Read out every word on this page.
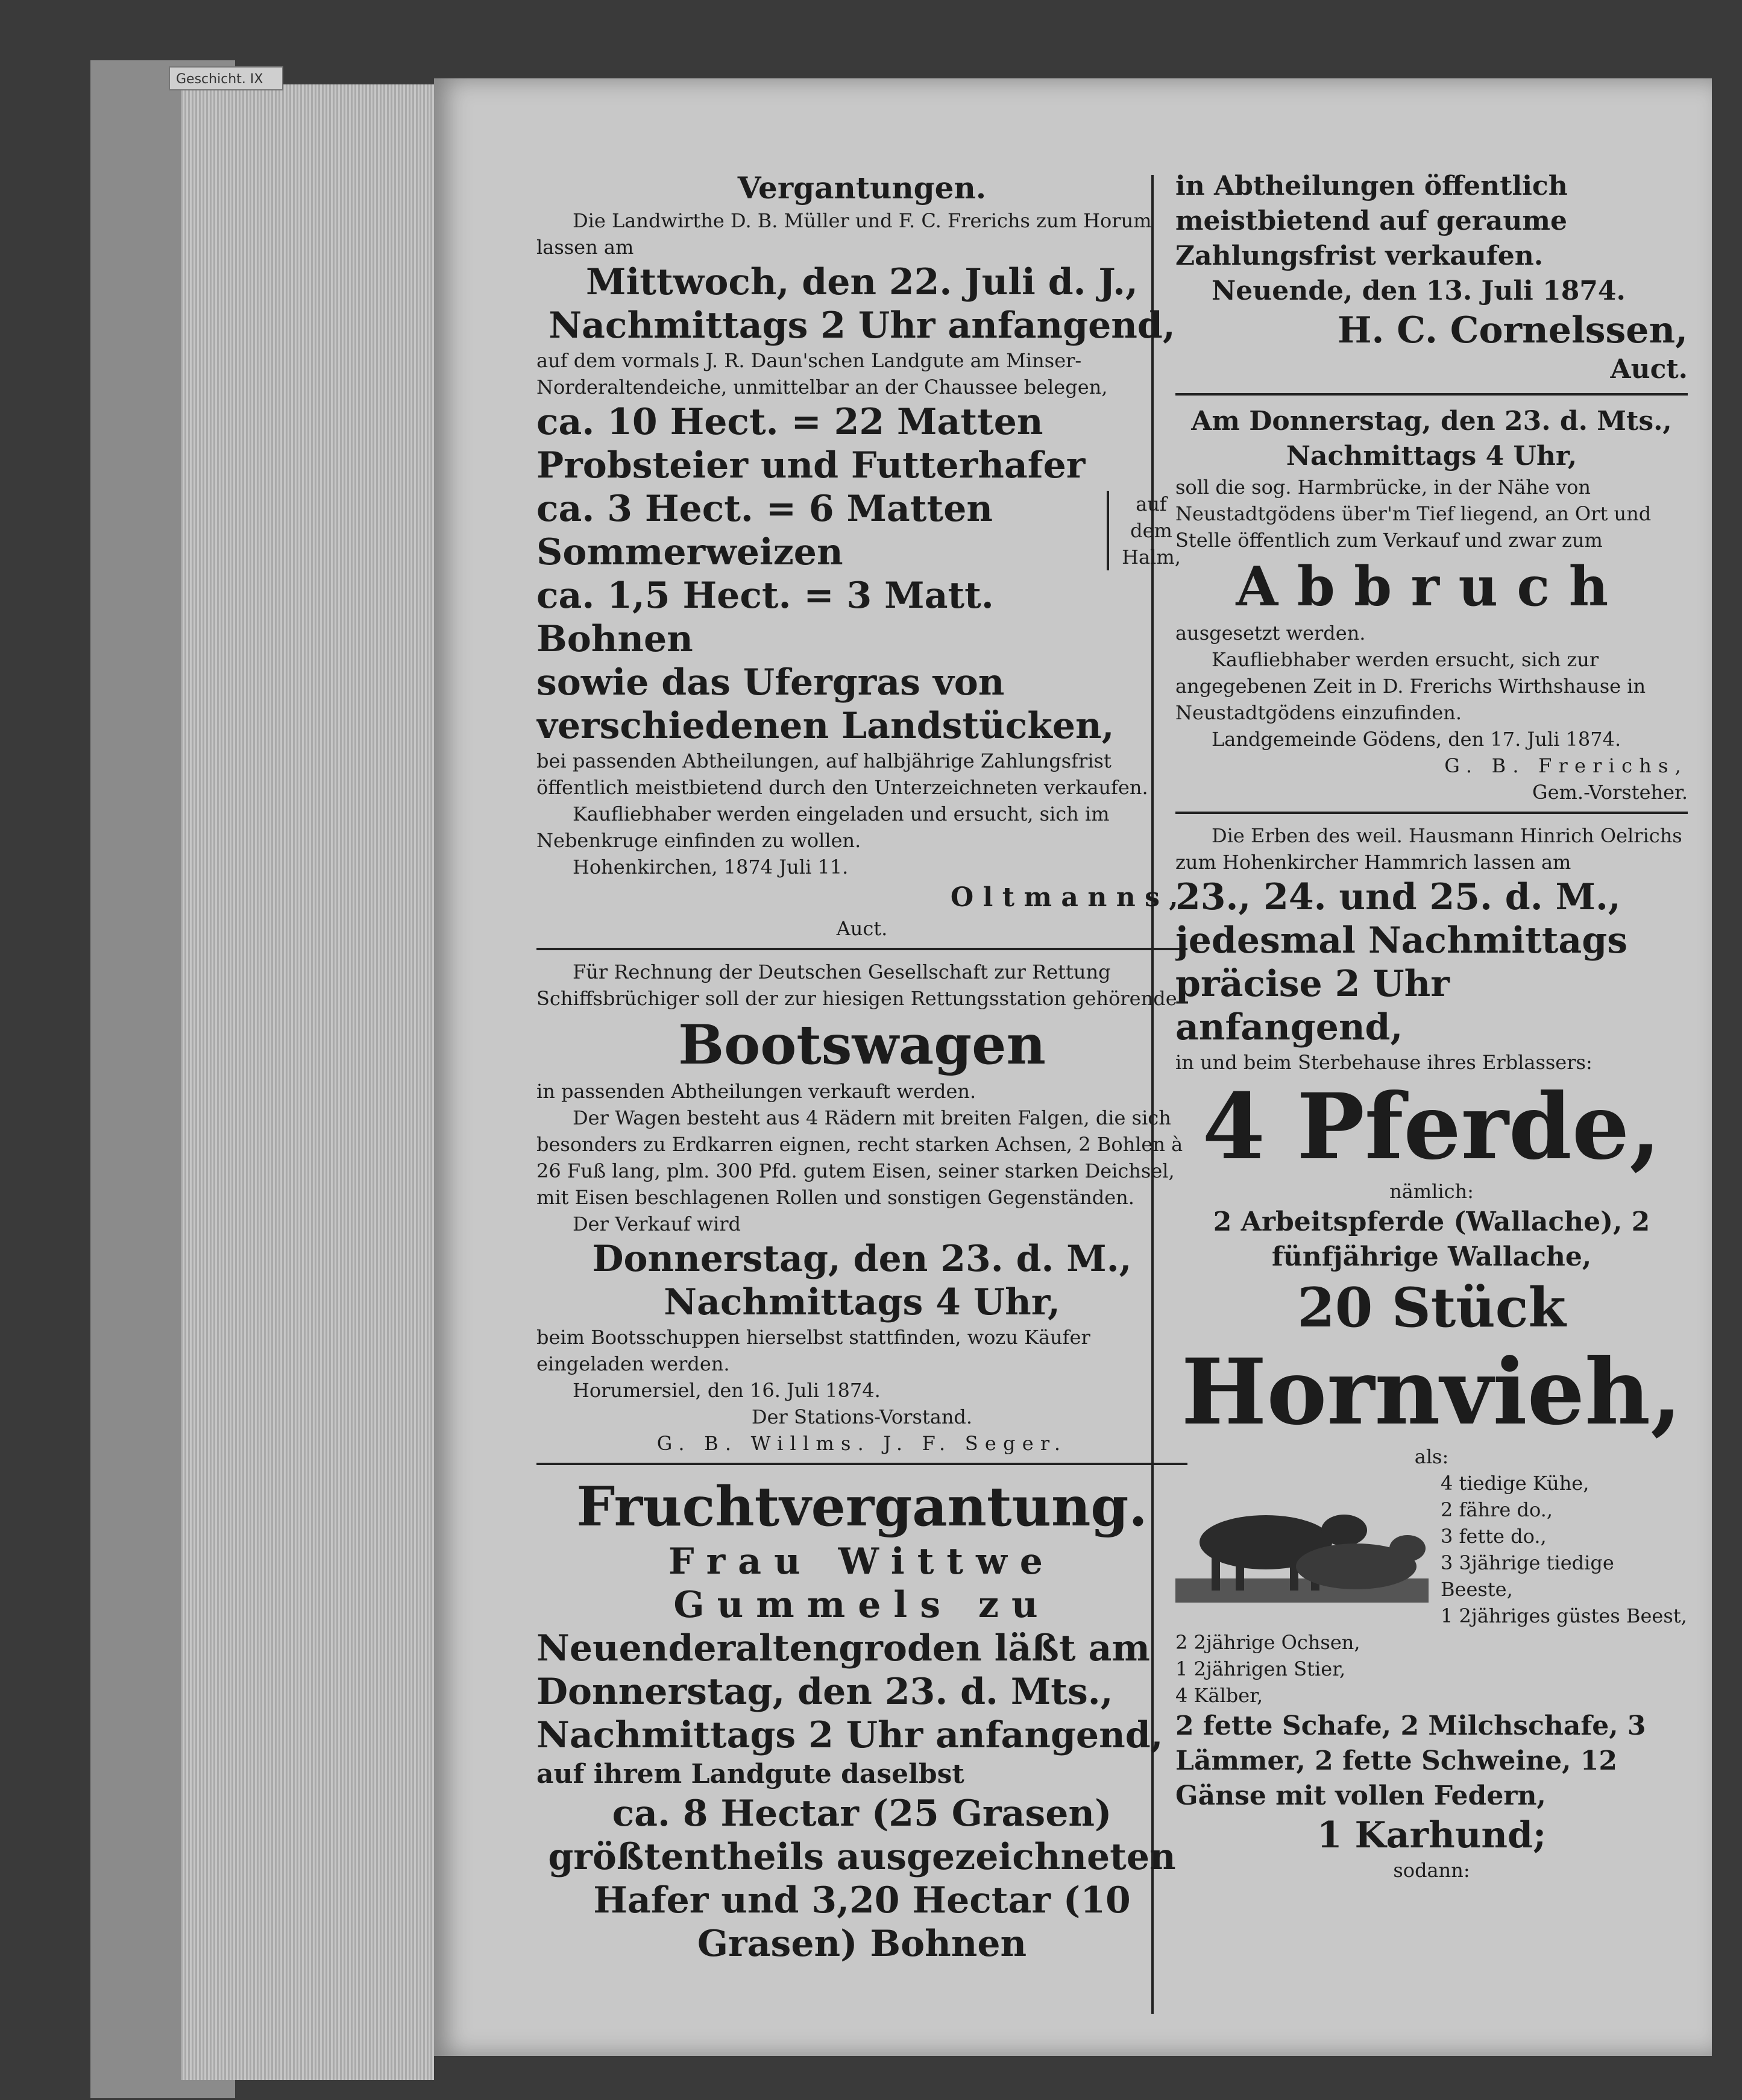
Geschicht. IX

Vergantungen.

Die Landwirthe D. B. Müller und F. C. Frerichs zum Horum lassen am

Mittwoch, den 22. Juli d. J.,

Nachmittags 2 Uhr anfangend,

auf dem vormals J. R. Daun'schen Landgute am Minser-Norderaltendeiche, unmittelbar an der Chaussee belegen,

ca. 10 Hect. = 22 Matten Probsteier und Futterhafer

ca. 3 Hect. = 6 Matten Sommerweizen

ca. 1,5 Hect. = 3 Matt. Bohnen

auf dem Halm,

sowie das Ufergras von verschiedenen Landstücken,

bei passenden Abtheilungen, auf halbjährige Zahlungsfrist öffentlich meistbietend durch den Unterzeichneten verkaufen.

Kaufliebhaber werden eingeladen und ersucht, sich im Nebenkruge einfinden zu wollen.

Hohenkirchen, 1874 Juli 11.

Oltmanns,

Auct.

Für Rechnung der Deutschen Gesellschaft zur Rettung Schiffsbrüchiger soll der zur hiesigen Rettungsstation gehörende

Bootswagen

in passenden Abtheilungen verkauft werden.

Der Wagen besteht aus 4 Rädern mit breiten Falgen, die sich besonders zu Erdkarren eignen, recht starken Achsen, 2 Bohlen à 26 Fuß lang, plm. 300 Pfd. gutem Eisen, seiner starken Deichsel, mit Eisen beschlagenen Rollen und sonstigen Gegenständen.

Der Verkauf wird

Donnerstag, den 23. d. M.,

Nachmittags 4 Uhr,

beim Bootsschuppen hierselbst stattfinden, wozu Käufer eingeladen werden.

Horumersiel, den 16. Juli 1874.

Der Stations-Vorstand.

G. B. Willms. J. F. Seger.

Fruchtvergantung.

Frau Wittwe Gummels zu

Neuenderaltengroden läßt am

Donnerstag, den 23. d. Mts.,

Nachmittags 2 Uhr anfangend,

auf ihrem Landgute daselbst

ca. 8 Hectar (25 Grasen)

größtentheils ausgezeichneten Hafer und 3,20 Hectar (10 Grasen) Bohnen

in Abtheilungen öffentlich meistbietend auf geraume Zahlungsfrist verkaufen.

Neuende, den 13. Juli 1874.

H. C. Cornelssen,

Auct.

Am Donnerstag, den 23. d. Mts.,

Nachmittags 4 Uhr,

soll die sog. Harmbrücke, in der Nähe von Neustadtgödens über'm Tief liegend, an Ort und Stelle öffentlich zum Verkauf und zwar zum

Abbruch

ausgesetzt werden.

Kaufliebhaber werden ersucht, sich zur angegebenen Zeit in D. Frerichs Wirthshause in Neustadtgödens einzufinden.

Landgemeinde Gödens, den 17. Juli 1874.

G. B. Frerichs,

Gem.-Vorsteher.

Die Erben des weil. Hausmann Hinrich Oelrichs zum Hohenkircher Hammrich lassen am

23., 24. und 25. d. M., jedesmal Nachmittags präcise 2 Uhr anfangend,

in und beim Sterbehause ihres Erblassers:

4 Pferde,

nämlich:

2 Arbeitspferde (Wallache), 2 fünfjährige Wallache,

20 Stück

Hornvieh,

als:

4 tiedige Kühe,

2 fähre do.,

3 fette do.,

3 3jährige tiedige Beeste,

1 2jähriges güstes Beest,

2 2jährige Ochsen,

1 2jährigen Stier,

4 Kälber,

2 fette Schafe, 2 Milchschafe, 3 Lämmer, 2 fette Schweine, 12 Gänse mit vollen Federn,

1 Karhund;

sodann:
